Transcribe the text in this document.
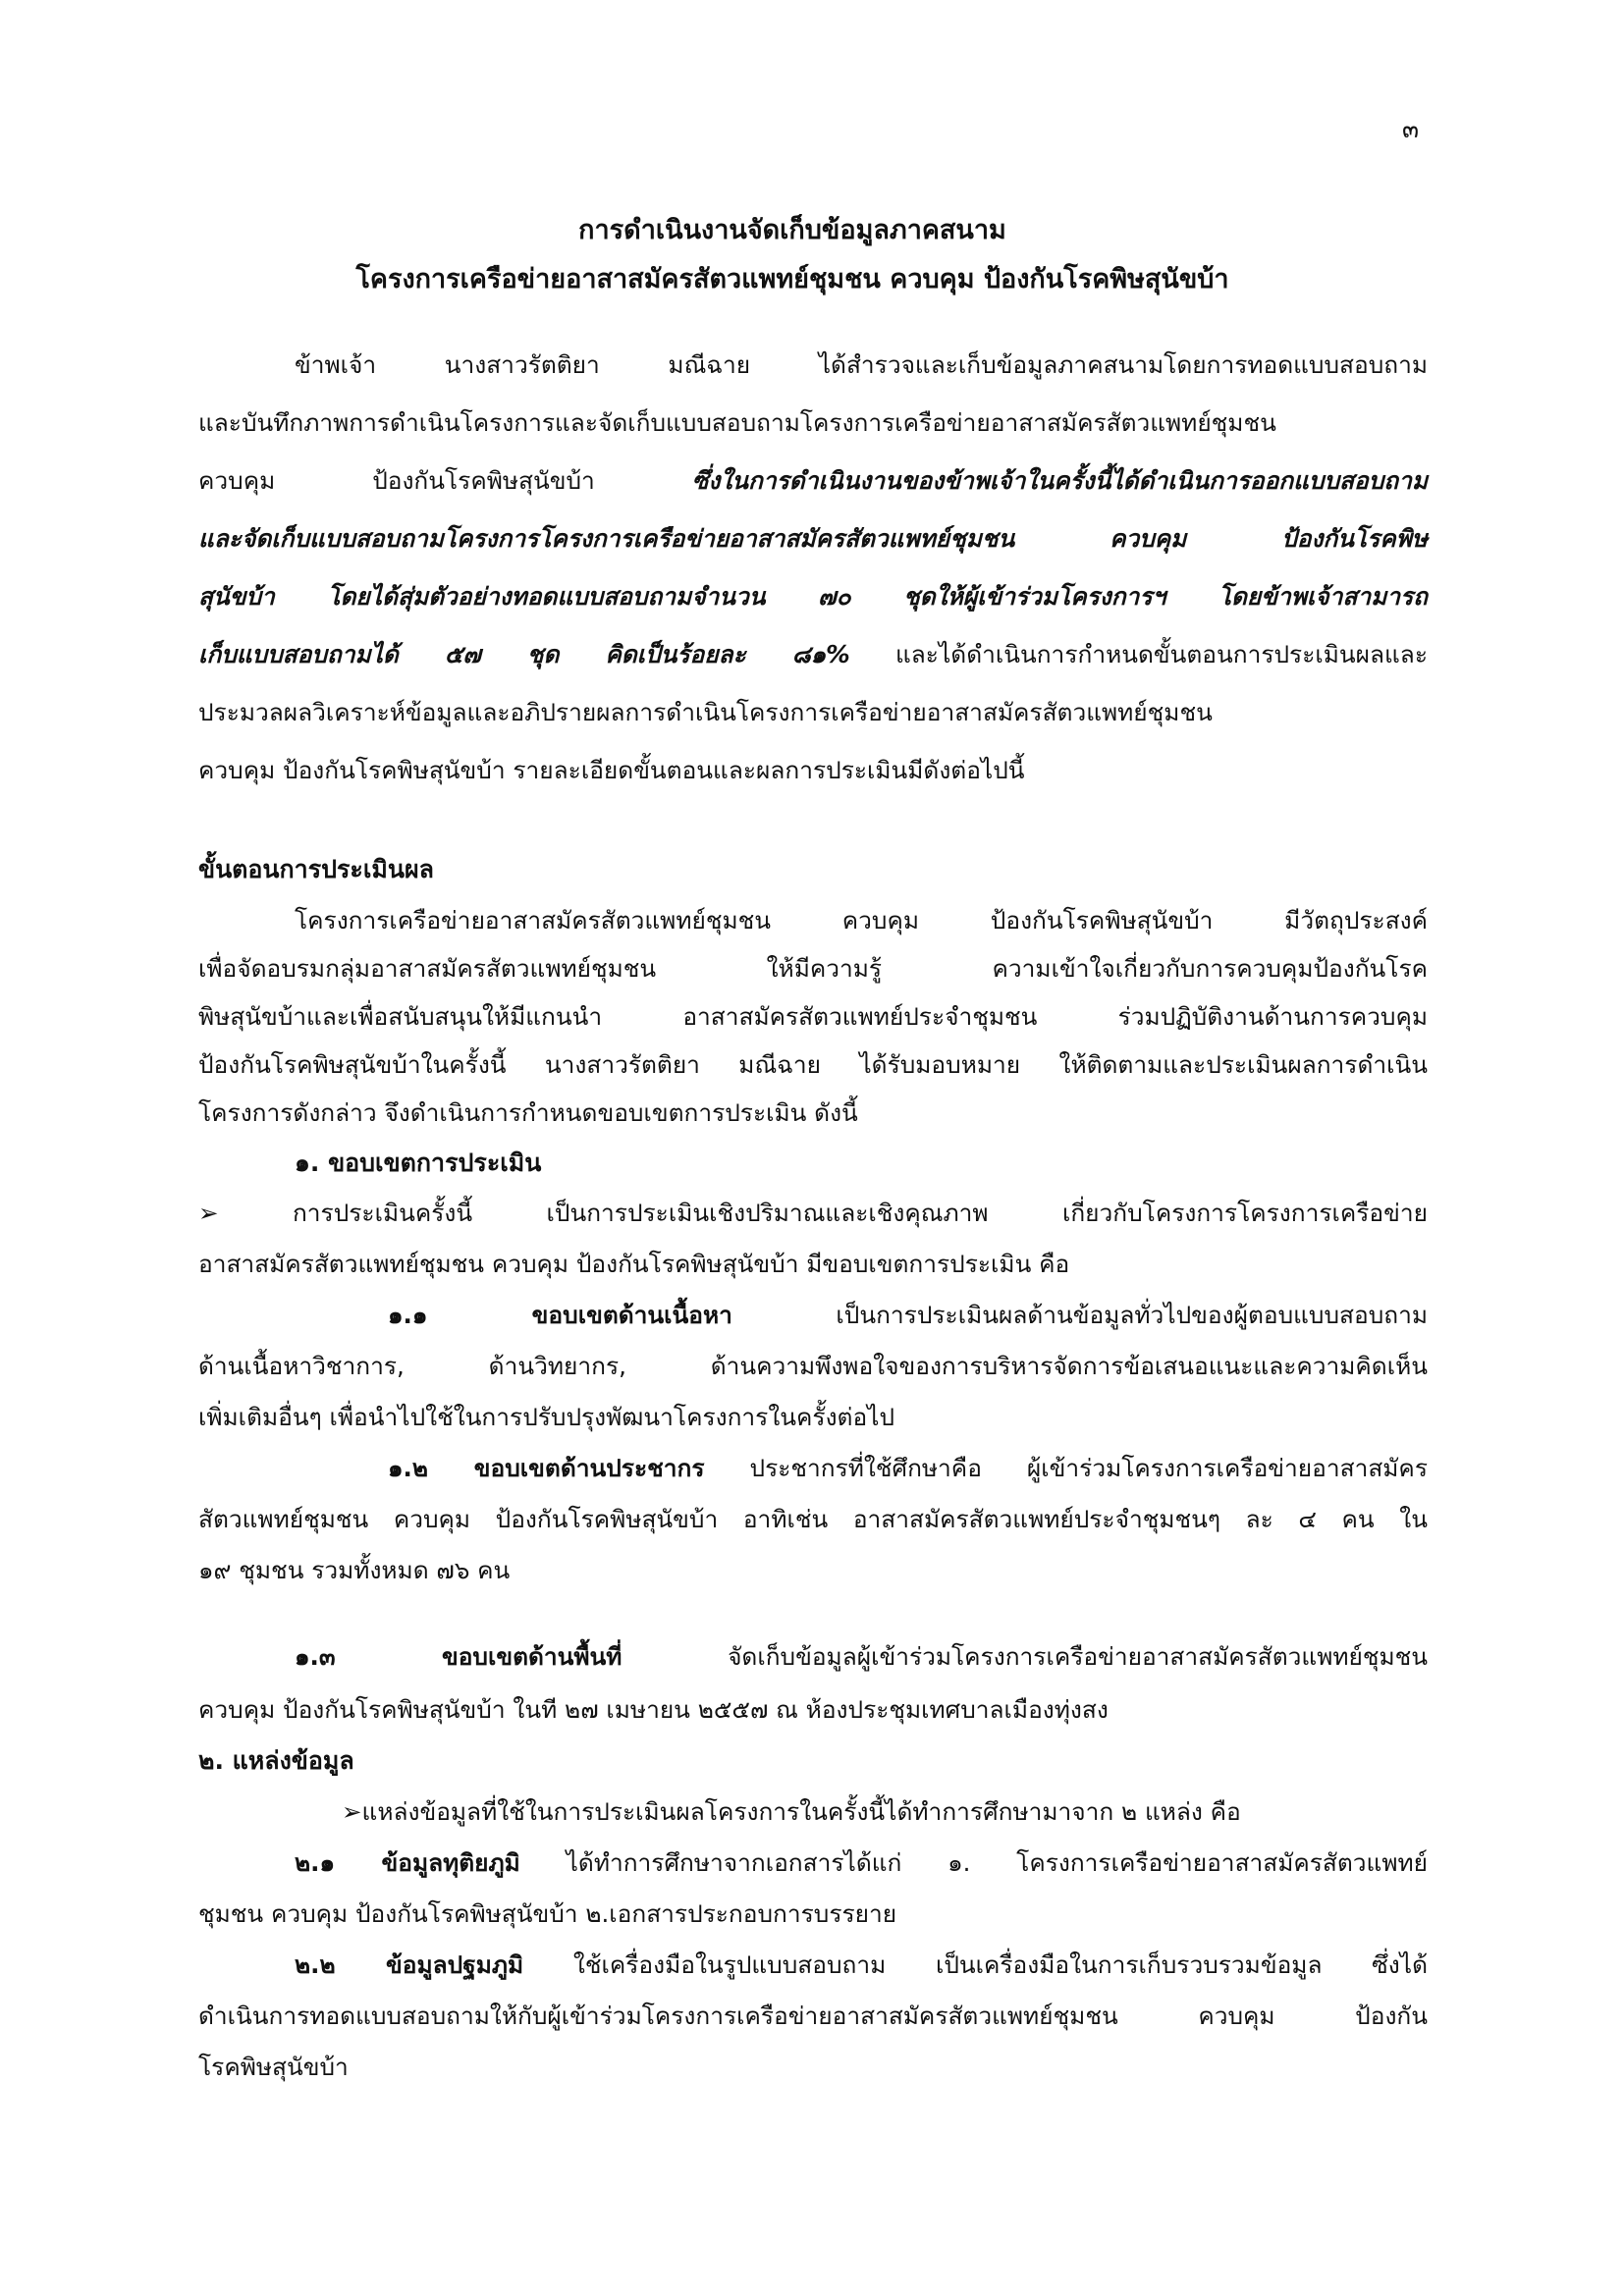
๓
การดำเนินงานจัดเก็บข้อมูลภาคสนาม
โครงการเครือข่ายอาสาสมัครสัตวแพทย์ชุมชน ควบคุม ป้องกันโรคพิษสุนัขบ้า
ข้าพเจ้า นางสาวรัตติยา มณีฉาย ได้สำรวจและเก็บข้อมูลภาคสนามโดยการทอดแบบสอบถาม
และบันทึกภาพการดำเนินโครงการและจัดเก็บแบบสอบถามโครงการเครือข่ายอาสาสมัครสัตวแพทย์ชุมชน
ควบคุม ป้องกันโรคพิษสุนัขบ้า ซึ่งในการดำเนินงานของข้าพเจ้าในครั้งนี้ได้ดำเนินการออกแบบสอบถาม
และจัดเก็บแบบสอบถามโครงการโครงการเครือข่ายอาสาสมัครสัตวแพทย์ชุมชน ควบคุม ป้องกันโรคพิษ
สุนัขบ้า โดยได้สุ่มตัวอย่างทอดแบบสอบถามจำนวน ๗๐ ชุดให้ผู้เข้าร่วมโครงการฯ โดยข้าพเจ้าสามารถ
เก็บแบบสอบถามได้ ๕๗ ชุด คิดเป็นร้อยละ ๘๑% และได้ดำเนินการกำหนดขั้นตอนการประเมินผลและ
ประมวลผลวิเคราะห์ข้อมูลและอภิปรายผลการดำเนินโครงการเครือข่ายอาสาสมัครสัตวแพทย์ชุมชน
ควบคุม ป้องกันโรคพิษสุนัขบ้า รายละเอียดขั้นตอนและผลการประเมินมีดังต่อไปนี้
ขั้นตอนการประเมินผล
โครงการเครือข่ายอาสาสมัครสัตวแพทย์ชุมชน ควบคุม ป้องกันโรคพิษสุนัขบ้า มีวัตถุประสงค์
เพื่อจัดอบรมกลุ่มอาสาสมัครสัตวแพทย์ชุมชน ให้มีความรู้ ความเข้าใจเกี่ยวกับการควบคุมป้องกันโรค
พิษสุนัขบ้าและเพื่อสนับสนุนให้มีแกนนำ อาสาสมัครสัตวแพทย์ประจำชุมชน ร่วมปฏิบัติงานด้านการควบคุม
ป้องกันโรคพิษสุนัขบ้าในครั้งนี้ นางสาวรัตติยา มณีฉาย ได้รับมอบหมาย ให้ติดตามและประเมินผลการดำเนิน
โครงการดังกล่าว จึงดำเนินการกำหนดขอบเขตการประเมิน ดังนี้
๑. ขอบเขตการประเมิน
➢ การประเมินครั้งนี้ เป็นการประเมินเชิงปริมาณและเชิงคุณภาพ เกี่ยวกับโครงการโครงการเครือข่าย
อาสาสมัครสัตวแพทย์ชุมชน ควบคุม ป้องกันโรคพิษสุนัขบ้า มีขอบเขตการประเมิน คือ
๑.๑ ขอบเขตด้านเนื้อหา เป็นการประเมินผลด้านข้อมูลทั่วไปของผู้ตอบแบบสอบถาม
ด้านเนื้อหาวิชาการ, ด้านวิทยากร, ด้านความพึงพอใจของการบริหารจัดการข้อเสนอแนะและความคิดเห็น
เพิ่มเติมอื่นๆ เพื่อนำไปใช้ในการปรับปรุงพัฒนาโครงการในครั้งต่อไป
๑.๒ ขอบเขตด้านประชากร ประชากรที่ใช้ศึกษาคือ ผู้เข้าร่วมโครงการเครือข่ายอาสาสมัคร
สัตวแพทย์ชุมชน ควบคุม ป้องกันโรคพิษสุนัขบ้า อาทิเช่น อาสาสมัครสัตวแพทย์ประจำชุมชนๆ ละ ๔ คน ใน
๑๙ ชุมชน รวมทั้งหมด ๗๖ คน
๑.๓ ขอบเขตด้านพื้นที่ จัดเก็บข้อมูลผู้เข้าร่วมโครงการเครือข่ายอาสาสมัครสัตวแพทย์ชุมชน
ควบคุม ป้องกันโรคพิษสุนัขบ้า ในที ๒๗ เมษายน ๒๕๕๗ ณ ห้องประชุมเทศบาลเมืองทุ่งสง
๒. แหล่งข้อมูล
➢แหล่งข้อมูลที่ใช้ในการประเมินผลโครงการในครั้งนี้ได้ทำการศึกษามาจาก ๒ แหล่ง คือ
๒.๑ ข้อมูลทุติยภูมิ ได้ทำการศึกษาจากเอกสารได้แก่ ๑. โครงการเครือข่ายอาสาสมัครสัตวแพทย์
ชุมชน ควบคุม ป้องกันโรคพิษสุนัขบ้า ๒.เอกสารประกอบการบรรยาย
๒.๒ ข้อมูลปฐมภูมิ ใช้เครื่องมือในรูปแบบสอบถาม เป็นเครื่องมือในการเก็บรวบรวมข้อมูล ซึ่งได้
ดำเนินการทอดแบบสอบถามให้กับผู้เข้าร่วมโครงการเครือข่ายอาสาสมัครสัตวแพทย์ชุมชน ควบคุม ป้องกัน
โรคพิษสุนัขบ้า
